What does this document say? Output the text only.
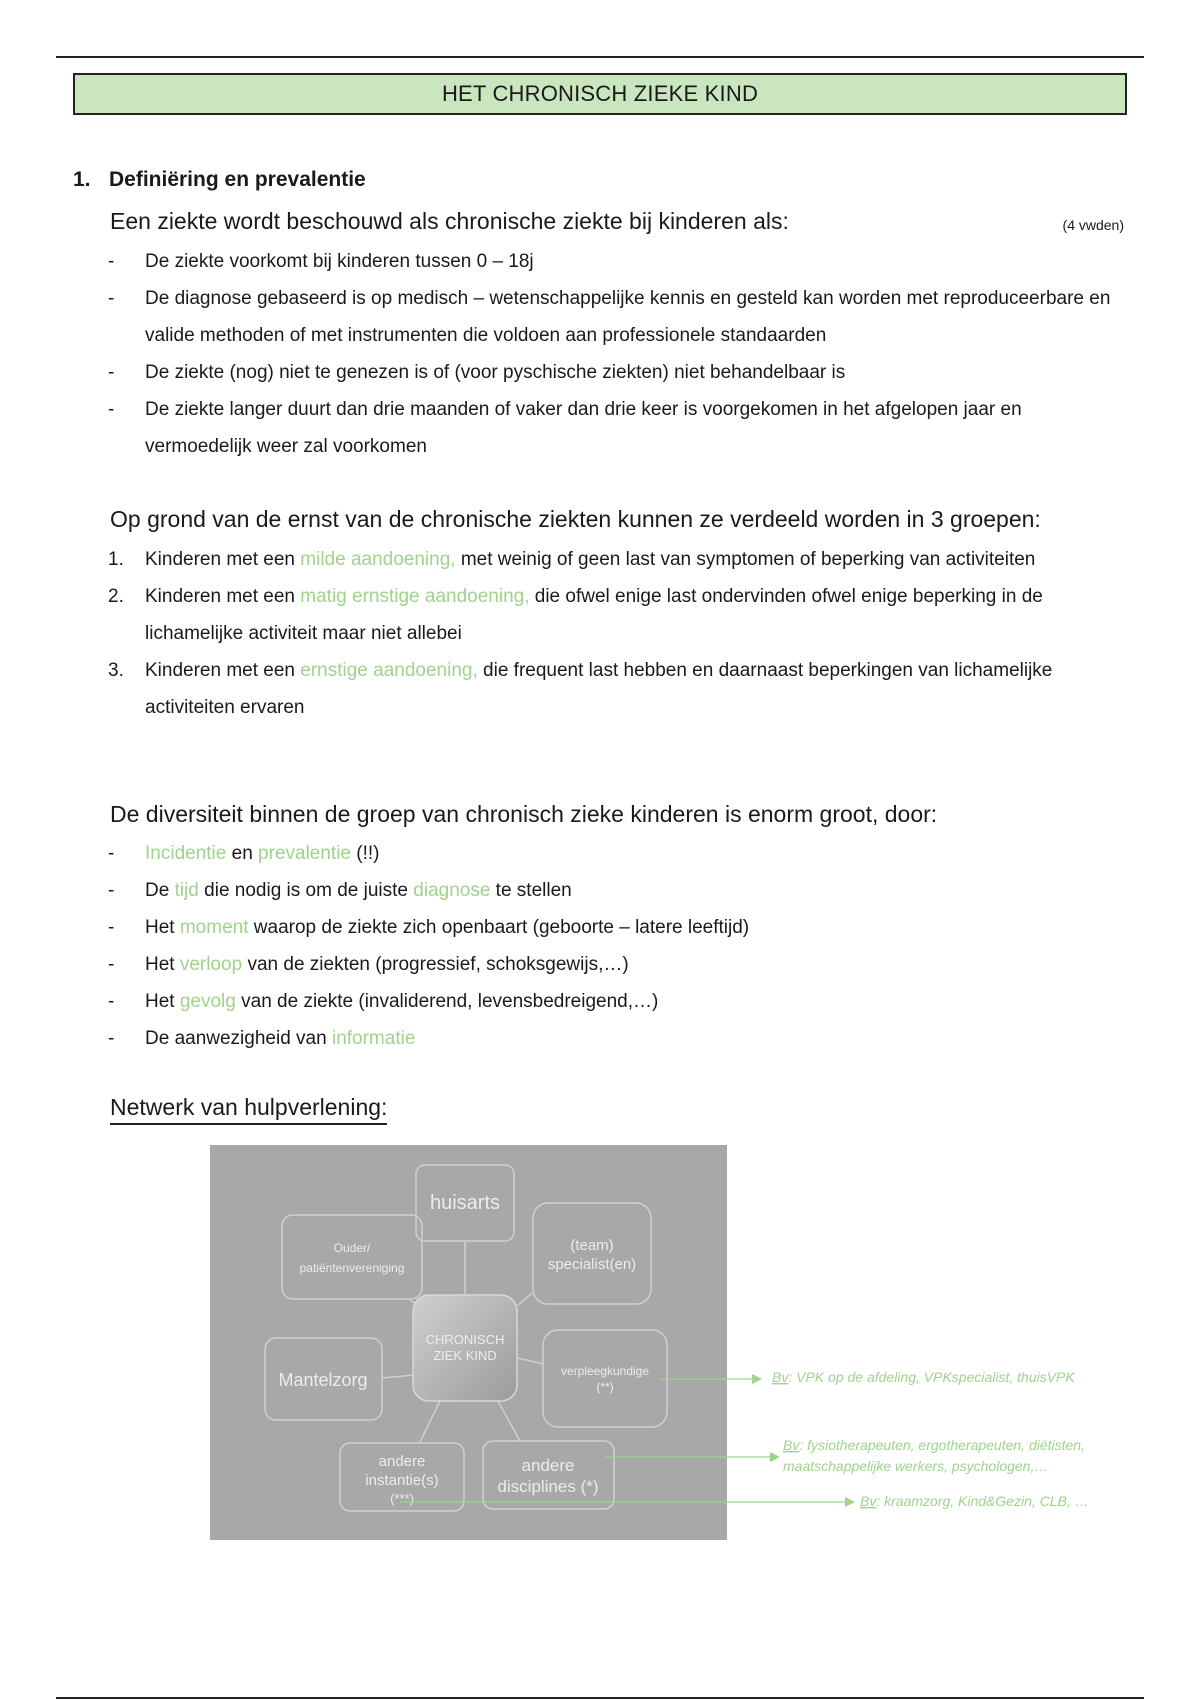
HET CHRONISCH ZIEKE KIND
1. Definiëring en prevalentie
Een ziekte wordt beschouwd als chronische ziekte bij kinderen als:	(4 vwden)
-	De ziekte voorkomt bij kinderen tussen 0 – 18j
-	De diagnose gebaseerd is op medisch – wetenschappelijke kennis en gesteld kan worden met reproduceerbare en valide methoden of met instrumenten die voldoen aan professionele standaarden
-	De ziekte (nog) niet te genezen is of (voor pyschische ziekten) niet behandelbaar is
-	De ziekte langer duurt dan drie maanden of vaker dan drie keer is voorgekomen in het afgelopen jaar en vermoedelijk weer zal voorkomen
Op grond van de ernst van de chronische ziekten kunnen ze verdeeld worden in 3 groepen:
1.	Kinderen met een milde aandoening, met weinig of geen last van symptomen of beperking van activiteiten
2.	Kinderen met een matig ernstige aandoening, die ofwel enige last ondervinden ofwel enige beperking in de lichamelijke activiteit maar niet allebei
3.	Kinderen met een ernstige aandoening, die frequent last hebben en daarnaast beperkingen van lichamelijke activiteiten ervaren
De diversiteit binnen de groep van chronisch zieke kinderen is enorm groot, door:
-	Incidentie en prevalentie (!!)
-	De tijd die nodig is om de juiste diagnose te stellen
-	Het moment waarop de ziekte zich openbaart (geboorte – latere leeftijd)
-	Het verloop van de ziekten (progressief, schoksgewijs,…)
-	Het gevolg van de ziekte (invaliderend, levensbedreigend,…)
-	De aanwezigheid van informatie
Netwerk van hulpverlening:
huisarts
Ouder/
patiëntenvereniging
(team)
specialist(en)
CHRONISCH
ZIEK KIND
Mantelzorg	verpleegkundige
(**)
andere
instantie(s)
(***)
andere
disciplines (*)
Bv: VPK op de afdeling, VPKspecialist, thuisVPK
Bv: fysiotherapeuten, ergotherapeuten, diëtisten,
maatschappelijke werkers, psychologen,…
Bv: kraamzorg, Kind&Gezin, CLB, …
